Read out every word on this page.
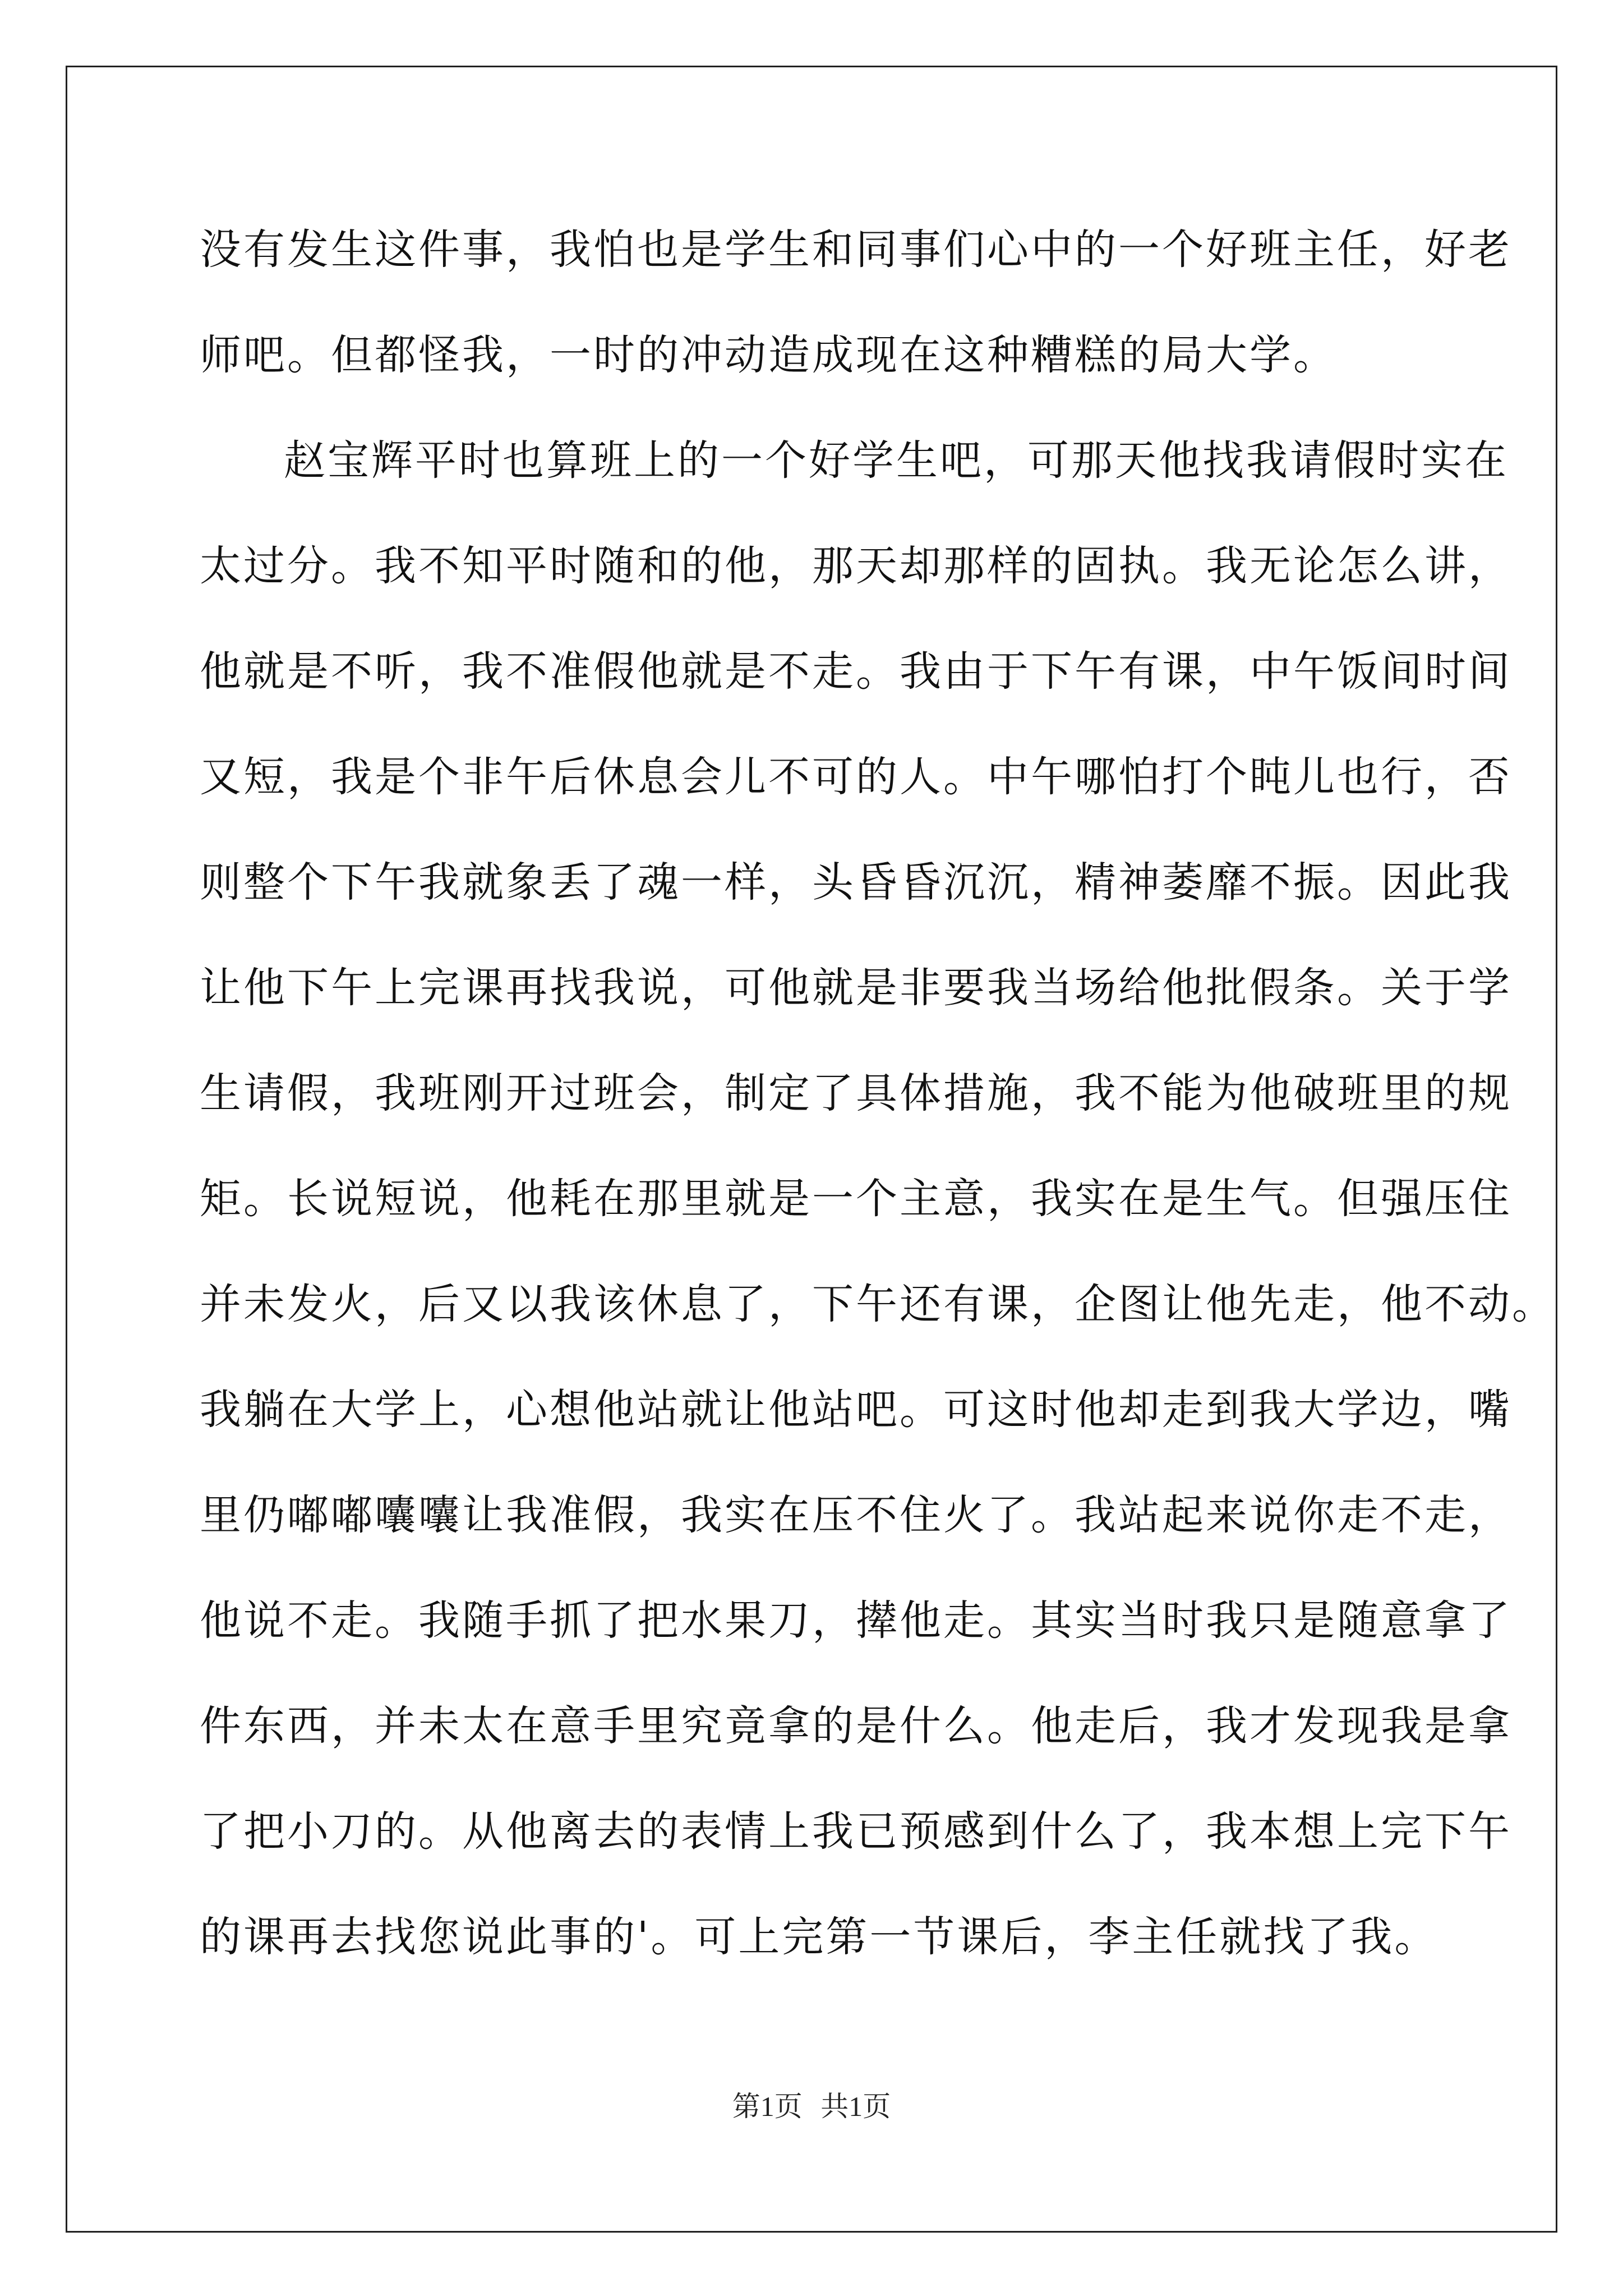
没有发生这件事，我怕也是学生和同事们心中的一个好班主任，好老
师吧。但都怪我，一时的冲动造成现在这种糟糕的局大学。
赵宝辉平时也算班上的一个好学生吧，可那天他找我请假时实在
太过分。我不知平时随和的他，那天却那样的固执。我无论怎么讲，
他就是不听，我不准假他就是不走。我由于下午有课，中午饭间时间
又短，我是个非午后休息会儿不可的人。中午哪怕打个盹儿也行，否
则整个下午我就象丢了魂一样，头昏昏沉沉，精神萎靡不振。因此我
让他下午上完课再找我说，可他就是非要我当场给他批假条。关于学
生请假，我班刚开过班会，制定了具体措施，我不能为他破班里的规
矩。长说短说，他耗在那里就是一个主意，我实在是生气。但强压住
并未发火，后又以我该休息了，下午还有课，企图让他先走，他不动。
我躺在大学上，心想他站就让他站吧。可这时他却走到我大学边，嘴
里仍嘟嘟囔囔让我准假，我实在压不住火了。我站起来说你走不走，
他说不走。我随手抓了把水果刀，撵他走。其实当时我只是随意拿了
件东西，并未太在意手里究竟拿的是什么。他走后，我才发现我是拿
了把小刀的。从他离去的表情上我已预感到什么了，我本想上完下午
的课再去找您说此事的'。可上完第一节课后，李主任就找了我。
第1页 共1页
